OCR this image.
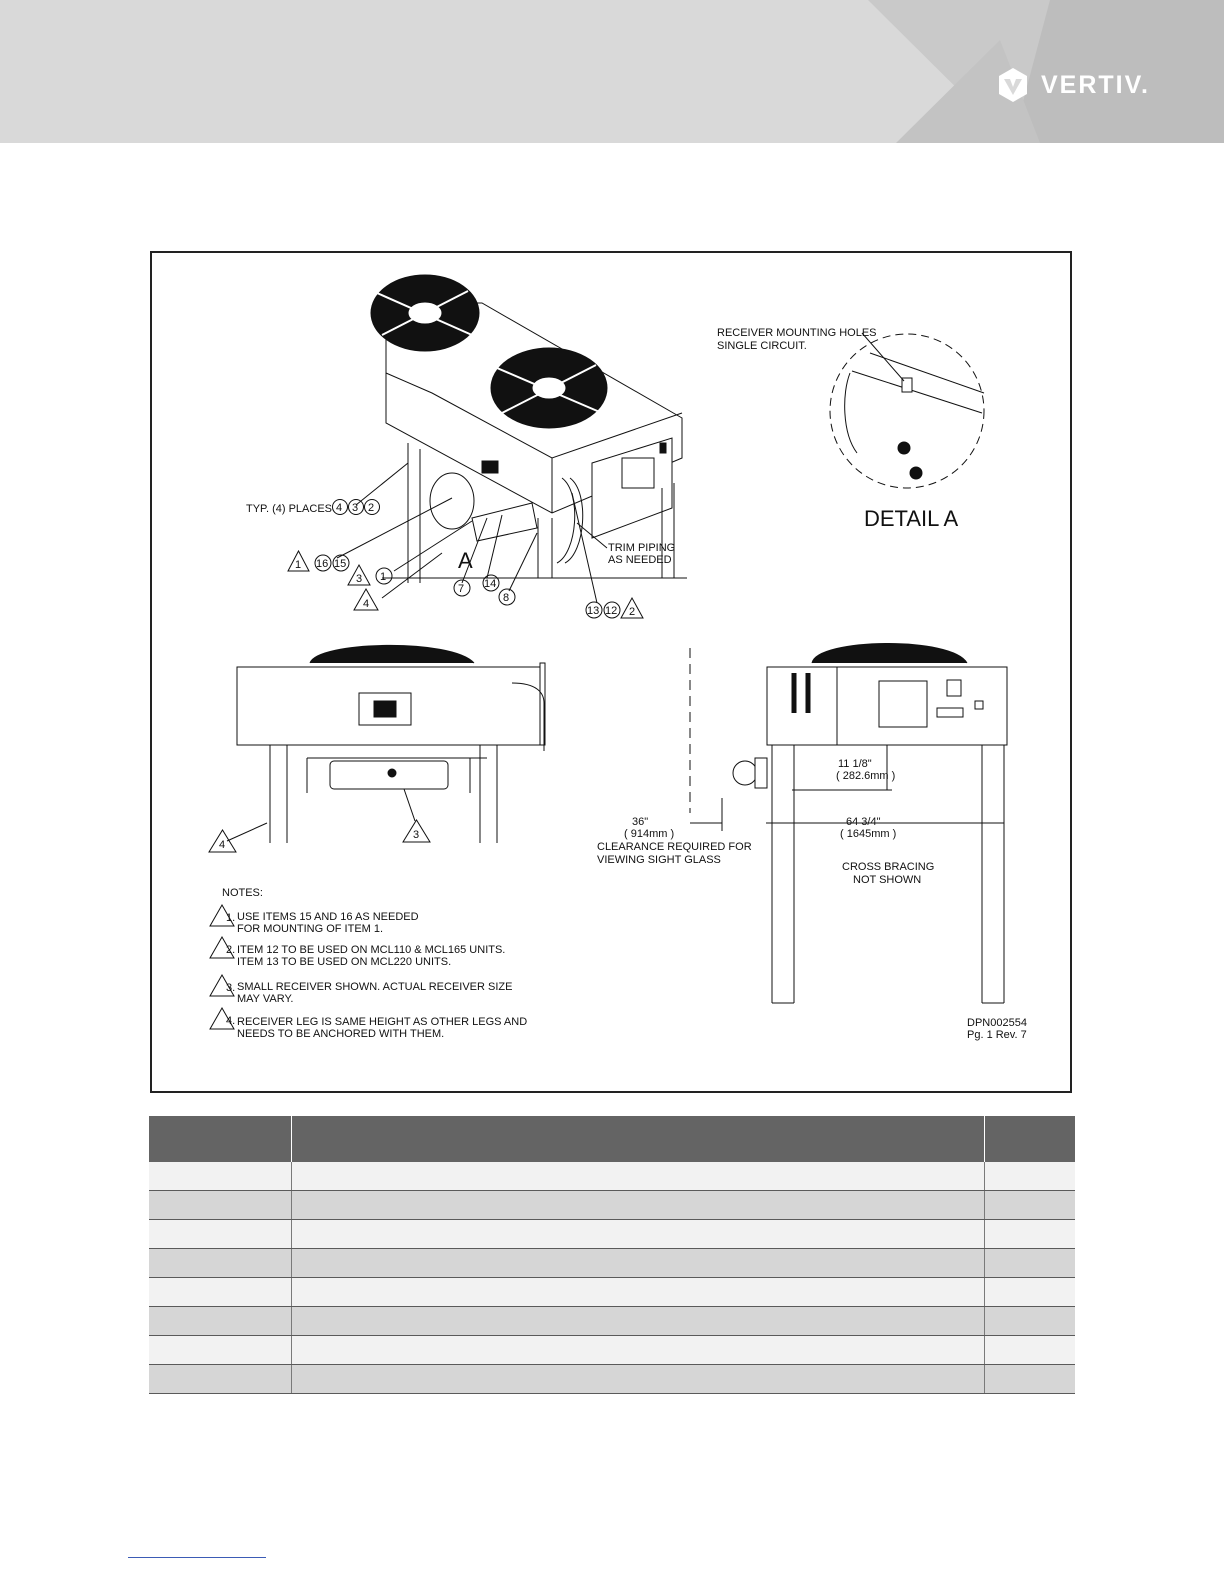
VERTIV.
TYP. (4) PLACES 4 3 2
1 16 15
3 1
4
A
7 14
8
TRIM PIPING
AS NEEDED
13 12 2
RECEIVER MOUNTING HOLES
SINGLE CIRCUIT.
DETAIL A
4
3
11 1/8"
( 282.6mm )
64 3/4"
( 1645mm )
36"
( 914mm )
CLEARANCE REQUIRED FOR
VIEWING SIGHT GLASS
CROSS BRACING
NOT SHOWN
NOTES:
1. USE ITEMS 15 AND 16 AS NEEDED
FOR MOUNTING OF ITEM 1.
2. ITEM 12 TO BE USED ON MCL110 & MCL165 UNITS.
ITEM 13 TO BE USED ON MCL220 UNITS.
3. SMALL RECEIVER SHOWN. ACTUAL RECEIVER SIZE
MAY VARY.
4. RECEIVER LEG IS SAME HEIGHT AS OTHER LEGS AND
NEEDS TO BE ANCHORED WITH THEM.
DPN002554
Pg. 1 Rev. 7
